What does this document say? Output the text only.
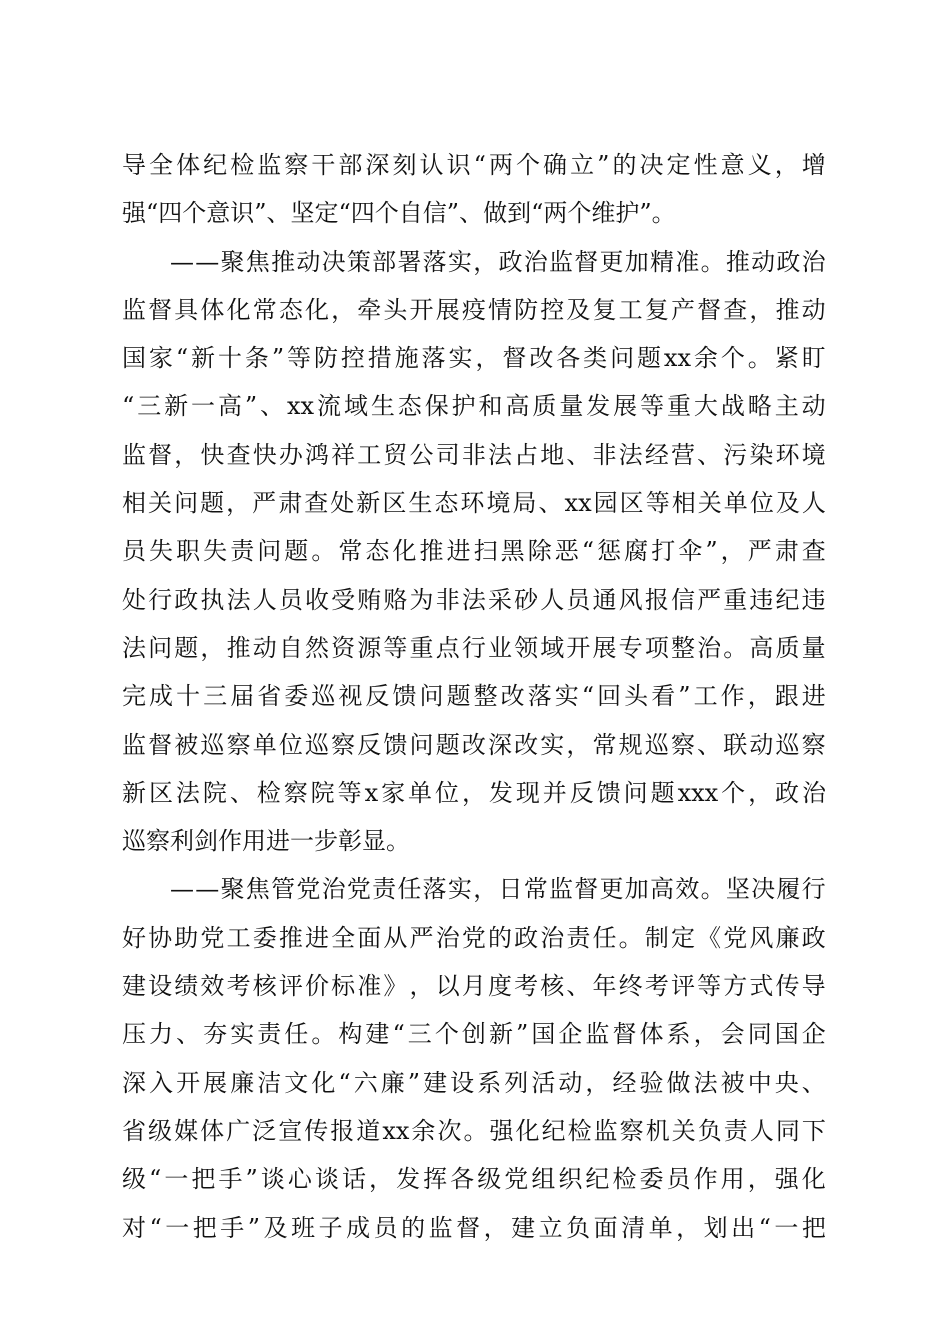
导 全 体 纪 检 监 察 干 部 深 刻 认 识 “ 两 个 确 立 ” 的 决 定 性 意 义 ， 增
强“四个意识”、坚定“四个自信”、做到“两个维护”。
— — 聚 焦 推 动 决 策 部 署 落 实 ， 政 治 监 督 更 加 精 准 。 推 动 政 治
监 督 具 体 化 常 态 化 ， 牵 头 开 展 疫 情 防 控 及 复 工 复 产 督 查 ， 推 动
国 家 “ 新 十 条 ” 等 防 控 措 施 落 实 ， 督 改 各 类 问 题 xx 余 个 。 紧 盯
“ 三 新 一 高 ” 、 xx 流 域 生 态 保 护 和 高 质 量 发 展 等 重 大 战 略 主 动
监 督 ， 快 查 快 办 鸿 祥 工 贸 公 司 非 法 占 地 、 非 法 经 营 、 污 染 环 境
相 关 问 题 ， 严 肃 查 处 新 区 生 态 环 境 局 、 xx 园 区 等 相 关 单 位 及 人
员 失 职 失 责 问 题 。 常 态 化 推 进 扫 黑 除 恶 “ 惩 腐 打 伞 ” ， 严 肃 查
处 行 政 执 法 人 员 收 受 贿 赂 为 非 法 采 砂 人 员 通 风 报 信 严 重 违 纪 违
法 问 题 ， 推 动 自 然 资 源 等 重 点 行 业 领 域 开 展 专 项 整 治 。 高 质 量
完 成 十 三 届 省 委 巡 视 反 馈 问 题 整 改 落 实 “ 回 头 看 ” 工 作 ， 跟 进
监 督 被 巡 察 单 位 巡 察 反 馈 问 题 改 深 改 实 ， 常 规 巡 察 、 联 动 巡 察
新 区 法 院 、 检 察 院 等 x 家 单 位 ， 发 现 并 反 馈 问 题 xxx 个 ， 政 治
巡察利剑作用进一步彰显。
— — 聚 焦 管 党 治 党 责 任 落 实 ， 日 常 监 督 更 加 高 效 。 坚 决 履 行
好 协 助 党 工 委 推 进 全 面 从 严 治 党 的 政 治 责 任 。 制 定 《 党 风 廉 政
建 设 绩 效 考 核 评 价 标 准 》 ， 以 月 度 考 核 、 年 终 考 评 等 方 式 传 导
压 力 、 夯 实 责 任 。 构 建 “ 三 个 创 新 ” 国 企 监 督 体 系 ， 会 同 国 企
深 入 开 展 廉 洁 文 化 “ 六 廉 ” 建 设 系 列 活 动 ， 经 验 做 法 被 中 央 、
省 级 媒 体 广 泛 宣 传 报 道 xx 余 次 。 强 化 纪 检 监 察 机 关 负 责 人 同 下
级 “ 一 把 手 ” 谈 心 谈 话 ， 发 挥 各 级 党 组 织 纪 检 委 员 作 用 ， 强 化
对 “ 一 把 手 ” 及 班 子 成 员 的 监 督 ， 建 立 负 面 清 单 ， 划 出 “ 一 把
